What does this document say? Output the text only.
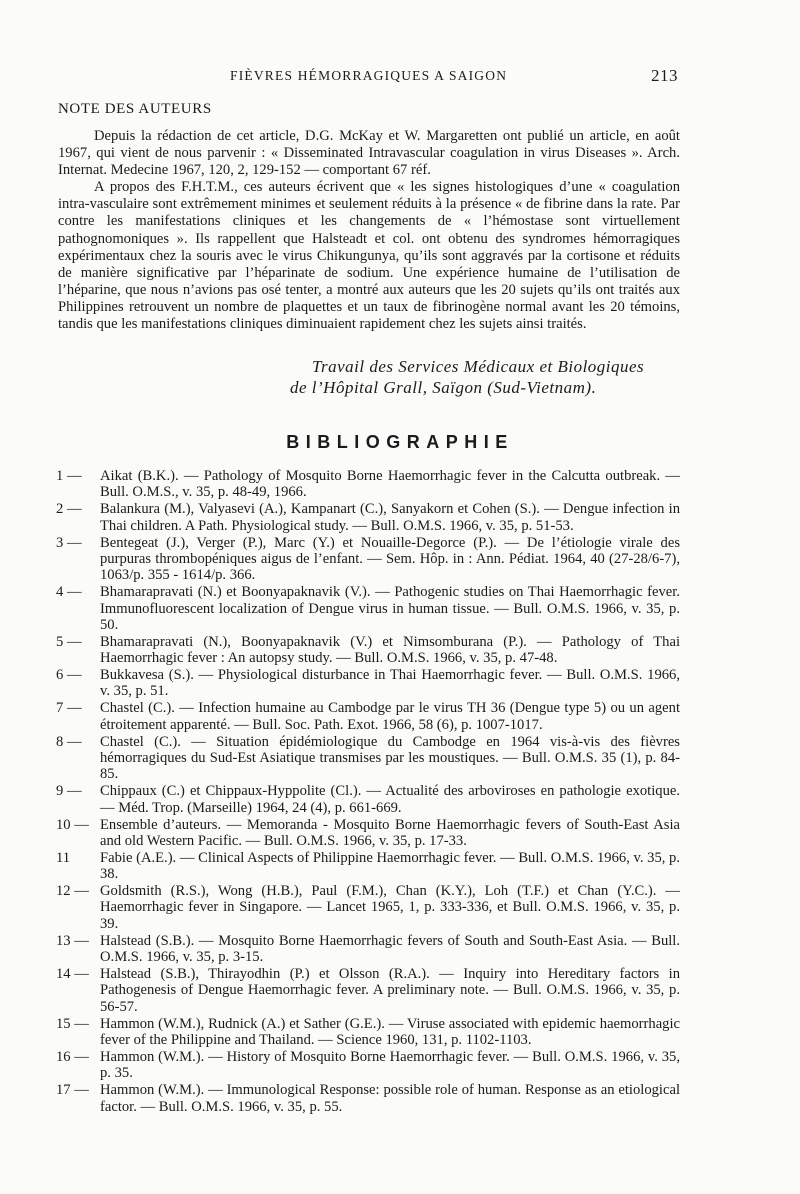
FIÈVRES HÉMORRAGIQUES A SAIGON	213
NOTE DES AUTEURS

Depuis la rédaction de cet article, D.G. McKay et W. Margaretten ont publié un article, en août 1967, qui vient de nous parvenir : « Disseminated Intravascular coagulation in virus Diseases ». Arch. Internat. Medecine 1967, 120, 2, 129-152 — comportant 67 réf.

A propos des F.H.T.M., ces auteurs écrivent que « les signes histologiques d’une « coagulation intra-vasculaire sont extrêmement minimes et seulement réduits à la présence « de fibrine dans la rate. Par contre les manifestations cliniques et les changements de « l’hémostase sont virtuellement pathognomoniques ». Ils rappellent que Halsteadt et col. ont obtenu des syndromes hémorragiques expérimentaux chez la souris avec le virus Chikungunya, qu’ils sont aggravés par la cortisone et réduits de manière significative par l’héparinate de sodium. Une expérience humaine de l’utilisation de l’héparine, que nous n’avions pas osé tenter, a montré aux auteurs que les 20 sujets qu’ils ont traités aux Philippines retrouvent un nombre de plaquettes et un taux de fibrinogène normal avant les 20 témoins, tandis que les manifestations cliniques diminuaient rapidement chez les sujets ainsi traités.

Travail des Services Médicaux et Biologiques
de l’Hôpital Grall, Saïgon (Sud-Vietnam).
BIBLIOGRAPHIE
1 —	Aikat (B.K.). — Pathology of Mosquito Borne Haemorrhagic fever in the Calcutta outbreak. — Bull. O.M.S., v. 35, p. 48-49, 1966.
2 —	Balankura (M.), Valyasevi (A.), Kampanart (C.), Sanyakorn et Cohen (S.). — Dengue infection in Thai children. A Path. Physiological study. — Bull. O.M.S. 1966, v. 35, p. 51-53.
3 —	Bentegeat (J.), Verger (P.), Marc (Y.) et Nouaille-Degorce (P.). — De l’étiologie virale des purpuras thrombopéniques aigus de l’enfant. — Sem. Hôp. in : Ann. Pédiat. 1964, 40 (27-28/6-7), 1063/p. 355 - 1614/p. 366.
4 —	Bhamarapravati (N.) et Boonyapaknavik (V.). — Pathogenic studies on Thai Haemorrhagic fever. Immunofluorescent localization of Dengue virus in human tissue. — Bull. O.M.S. 1966, v. 35, p. 50.
5 —	Bhamarapravati (N.), Boonyapaknavik (V.) et Nimsomburana (P.). — Pathology of Thai Haemorrhagic fever : An autopsy study. — Bull. O.M.S. 1966, v. 35, p. 47-48.
6 —	Bukkavesa (S.). — Physiological disturbance in Thai Haemorrhagic fever. — Bull. O.M.S. 1966, v. 35, p. 51.
7 —	Chastel (C.). — Infection humaine au Cambodge par le virus TH 36 (Dengue type 5) ou un agent étroitement apparenté. — Bull. Soc. Path. Exot. 1966, 58 (6), p. 1007-1017.
8 —	Chastel (C.). — Situation épidémiologique du Cambodge en 1964 vis-à-vis des fièvres hémorragiques du Sud-Est Asiatique transmises par les moustiques. — Bull. O.M.S. 35 (1), p. 84-85.
9 —	Chippaux (C.) et Chippaux-Hyppolite (Cl.). — Actualité des arboviroses en pathologie exotique. — Méd. Trop. (Marseille) 1964, 24 (4), p. 661-669.
10 — Ensemble d’auteurs. — Memoranda - Mosquito Borne Haemorrhagic fevers of South-East Asia and old Western Pacific. — Bull. O.M.S. 1966, v. 35, p. 17-33.
11	Fabie (A.E.). — Clinical Aspects of Philippine Haemorrhagic fever. — Bull. O.M.S. 1966, v. 35, p. 38.
12 — Goldsmith (R.S.), Wong (H.B.), Paul (F.M.), Chan (K.Y.), Loh (T.F.) et Chan (Y.C.). — Haemorrhagic fever in Singapore. — Lancet 1965, 1, p. 333-336, et Bull. O.M.S. 1966, v. 35, p. 39.
13 — Halstead (S.B.). — Mosquito Borne Haemorrhagic fevers of South and South-East Asia. — Bull. O.M.S. 1966, v. 35, p. 3-15.
14 — Halstead (S.B.), Thirayodhin (P.) et Olsson (R.A.). — Inquiry into Hereditary factors in Pathogenesis of Dengue Haemorrhagic fever. A preliminary note. — Bull. O.M.S. 1966, v. 35, p. 56-57.
15 — Hammon (W.M.), Rudnick (A.) et Sather (G.E.). — Viruse associated with epidemic haemorrhagic fever of the Philippine and Thailand. — Science 1960, 131, p. 1102-1103.
16 — Hammon (W.M.). — History of Mosquito Borne Haemorrhagic fever. — Bull. O.M.S. 1966, v. 35, p. 35.
17 — Hammon (W.M.). — Immunological Response: possible role of human. Response as an etiological factor. — Bull. O.M.S. 1966, v. 35, p. 55.
